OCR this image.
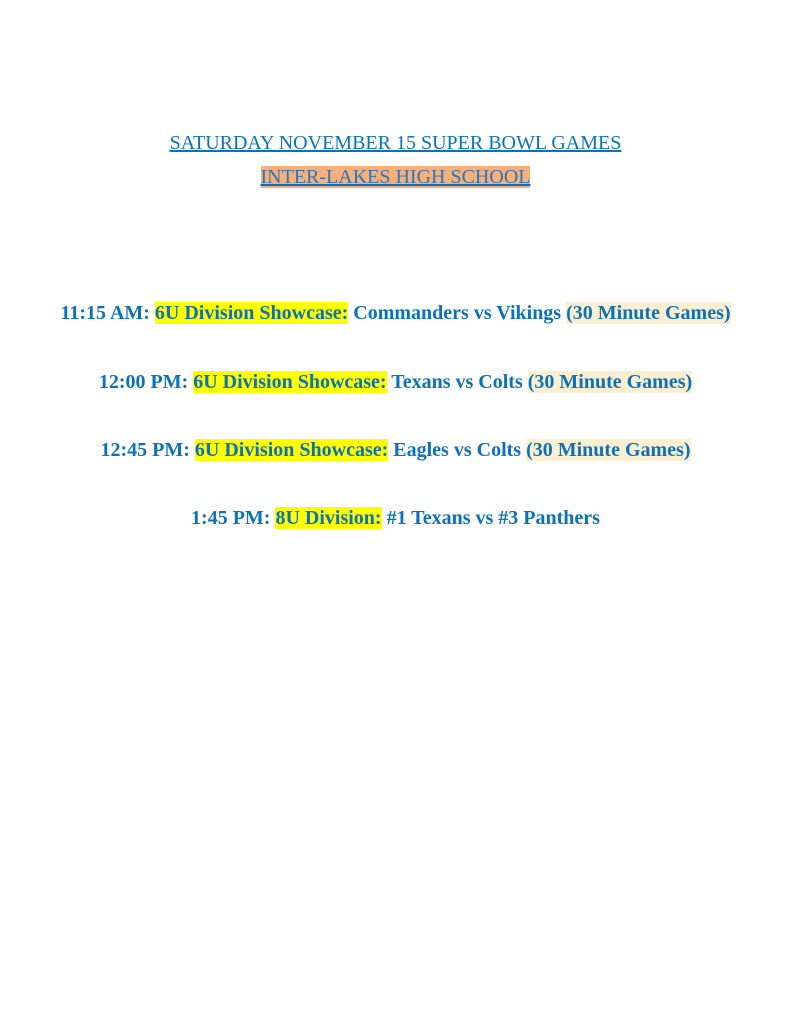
SATURDAY NOVEMBER 15 SUPER BOWL GAMES
INTER-LAKES HIGH SCHOOL
11:15 AM: 6U Division Showcase: Commanders vs Vikings (30 Minute Games)
12:00 PM: 6U Division Showcase: Texans vs Colts (30 Minute Games)
12:45 PM: 6U Division Showcase: Eagles vs Colts (30 Minute Games)
1:45 PM: 8U Division: #1 Texans vs #3 Panthers
